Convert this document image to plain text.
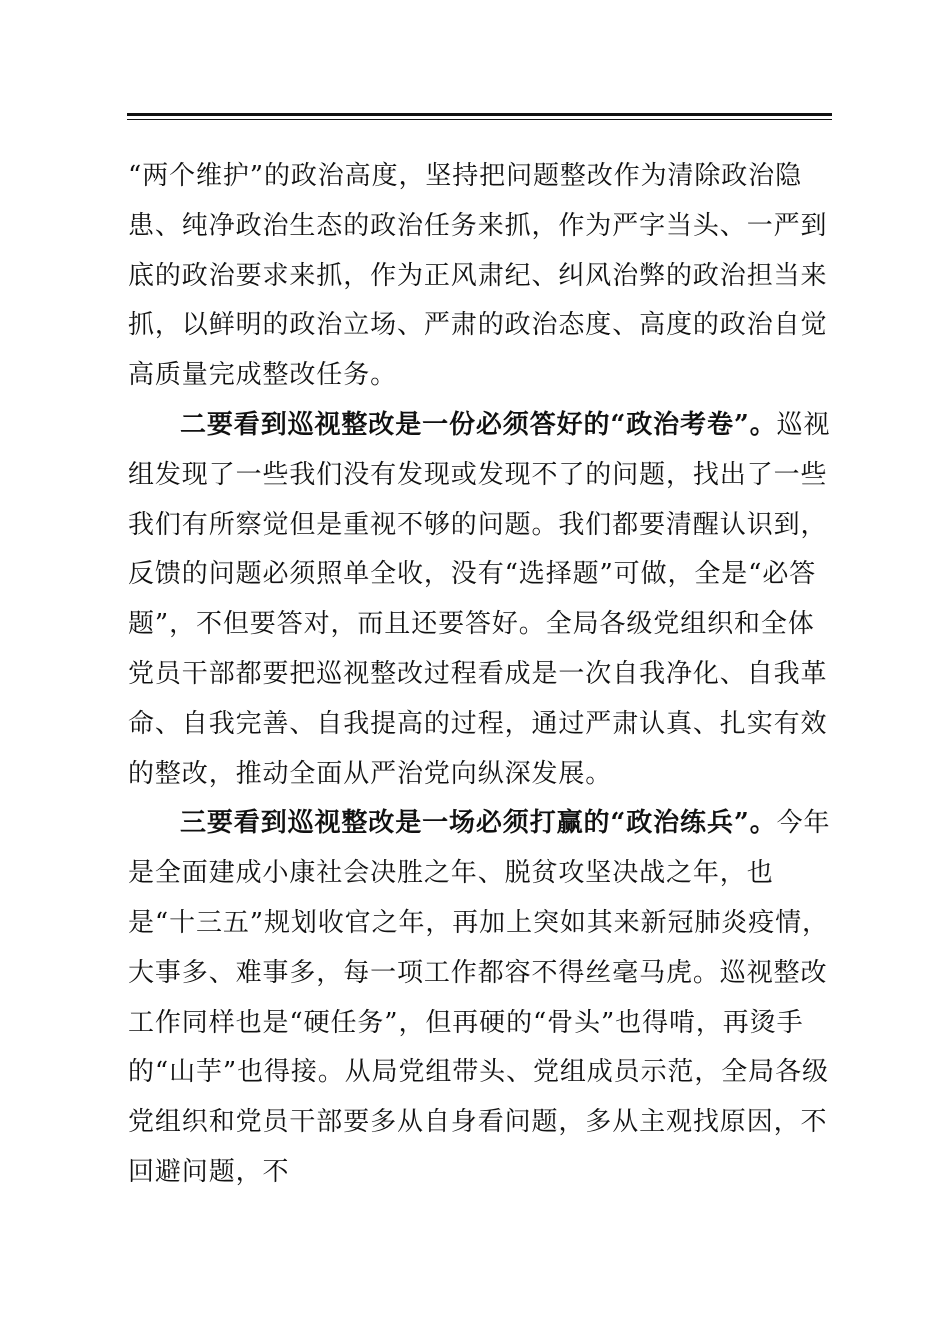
“两个维护”的政治高度，坚持把问题整改作为清除政治隐患、纯净政治生态的政治任务来抓，作为严字当头、一严到底的政治要求来抓，作为正风肃纪、纠风治弊的政治担当来抓，以鲜明的政治立场、严肃的政治态度、高度的政治自觉高质量完成整改任务。

二要看到巡视整改是一份必须答好的“政治考卷”。巡视组发现了一些我们没有发现或发现不了的问题，找出了一些我们有所察觉但是重视不够的问题。我们都要清醒认识到，反馈的问题必须照单全收，没有“选择题”可做，全是“必答题”，不但要答对，而且还要答好。全局各级党组织和全体党员干部都要把巡视整改过程看成是一次自我净化、自我革命、自我完善、自我提高的过程，通过严肃认真、扎实有效的整改，推动全面从严治党向纵深发展。

三要看到巡视整改是一场必须打赢的“政治练兵”。今年是全面建成小康社会决胜之年、脱贫攻坚决战之年，也是“十三五”规划收官之年，再加上突如其来新冠肺炎疫情，大事多、难事多，每一项工作都容不得丝毫马虎。巡视整改工作同样也是“硬任务”，但再硬的“骨头”也得啃，再烫手的“山芋”也得接。从局党组带头、党组成员示范，全局各级党组织和党员干部要多从自身看问题，多从主观找原因，不回避问题，不
